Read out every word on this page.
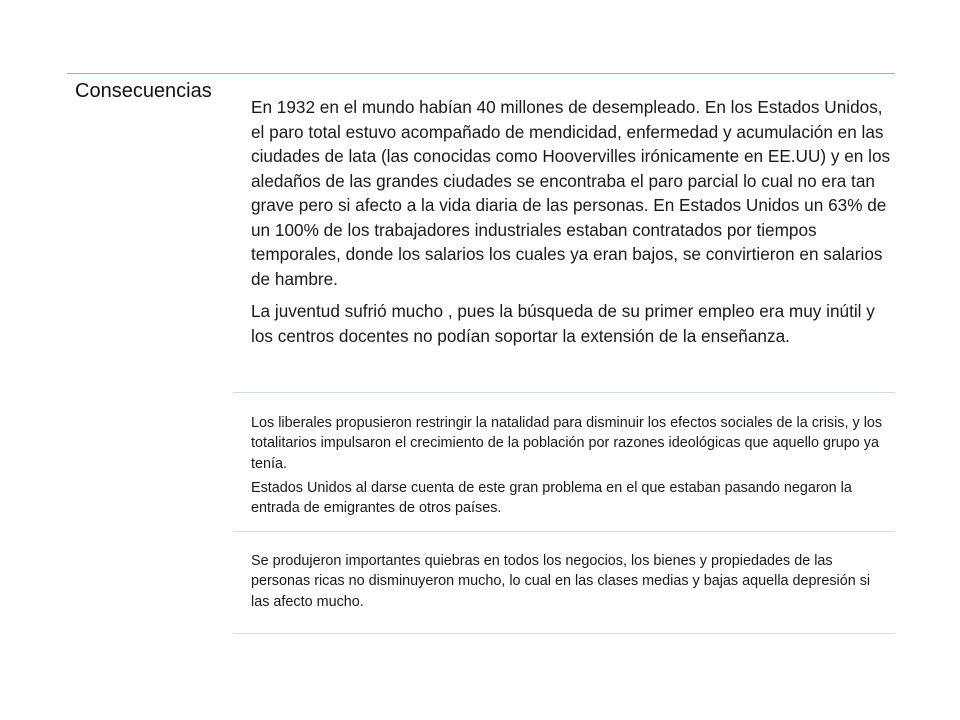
Consecuencias

En 1932 en el mundo habían 40 millones de desempleado. En los Estados Unidos, el paro total estuvo acompañado de mendicidad, enfermedad y acumulación en las ciudades de lata (las conocidas como Hoovervilles irónicamente en EE.UU) y en los aledaños de las grandes ciudades se encontraba el paro parcial lo cual no era tan grave pero si afecto a la vida diaria de las personas. En Estados Unidos un 63% de un 100% de los trabajadores industriales estaban contratados por tiempos temporales, donde los salarios los cuales ya eran bajos, se convirtieron en salarios de hambre.

La juventud sufrió mucho , pues la búsqueda de su primer empleo era muy inútil y los centros docentes no podían soportar la extensión de la enseñanza.

Los liberales propusieron restringir la natalidad para disminuir los efectos sociales de la crisis, y los totalitarios impulsaron el crecimiento de la población por razones ideológicas que aquello grupo ya tenía.

Estados Unidos al darse cuenta de este gran problema en el que estaban pasando negaron la entrada de emigrantes de otros países.

Se produjeron importantes quiebras en todos los negocios, los bienes y propiedades de las personas ricas no disminuyeron mucho, lo cual en las clases medias y bajas aquella depresión si las afecto mucho.
